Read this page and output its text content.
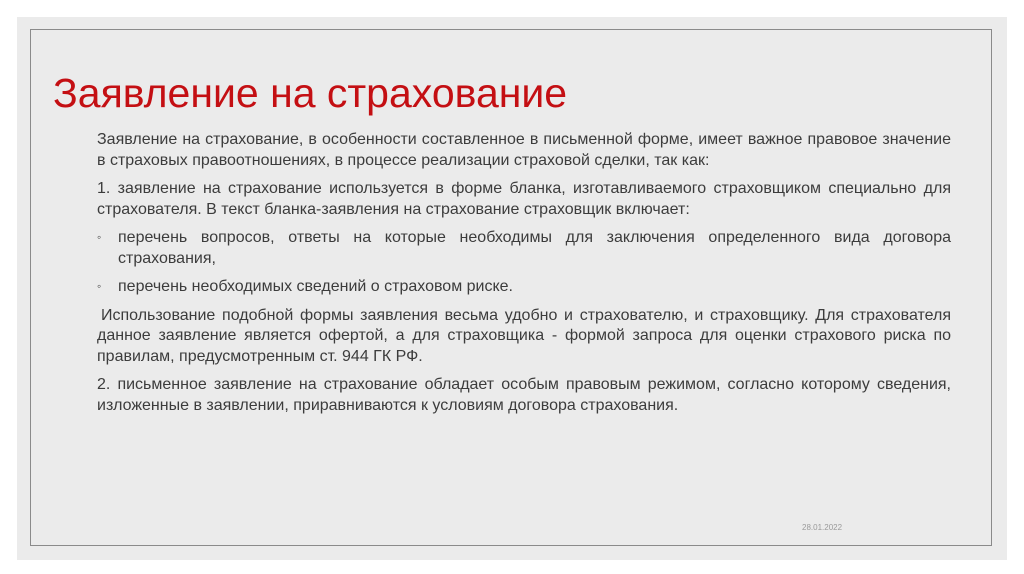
Заявление на страхование

Заявление на страхование, в особенности составленное в письменной форме, имеет важное правовое значение в страховых правоотношениях, в процессе реализации страховой сделки, так как:

1. заявление на страхование используется в форме бланка, изготавливаемого страховщиком специально для страхователя. В текст бланка-заявления на страхование страховщик включает:

◦ перечень вопросов, ответы на которые необходимы для заключения определенного вида договора страхования,
◦ перечень необходимых сведений о страховом риске.

Использование подобной формы заявления весьма удобно и страхователю, и страховщику. Для страхователя данное заявление является офертой, а для страховщика - формой запроса для оценки страхового риска по правилам, предусмотренным ст. 944 ГК РФ.

2. письменное заявление на страхование обладает особым правовым режимом, согласно которому сведения, изложенные в заявлении, приравниваются к условиям договора страхования.

28.01.2022
